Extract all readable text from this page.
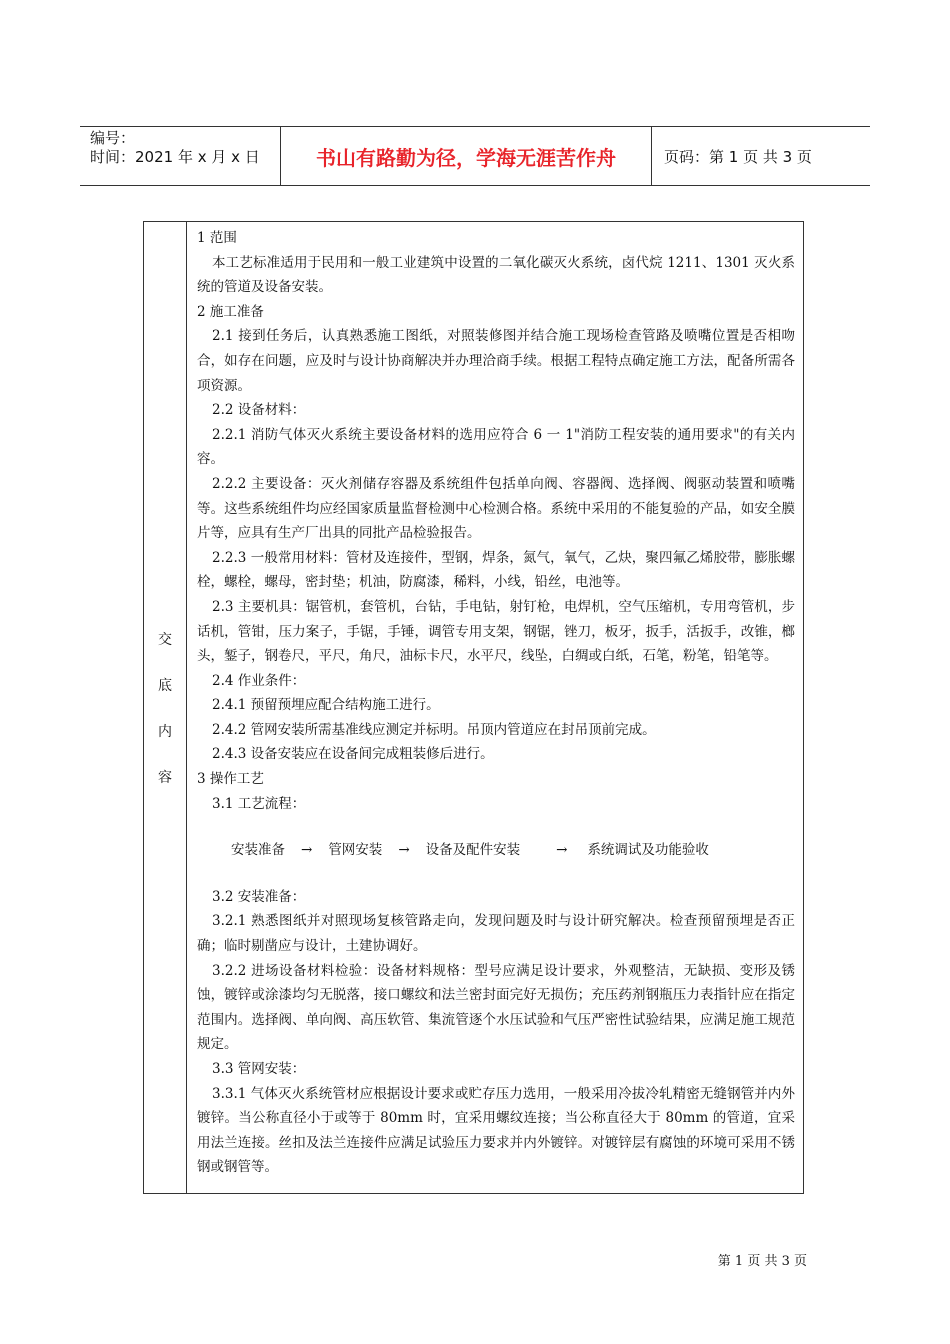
编号：
时间：2021 年 x 月 x 日	书山有路勤为径，学海无涯苦作舟	页码：第 1 页 共 3 页
交
底
内
容

1 范围

本工艺标准适用于民用和一般工业建筑中设置的二氧化碳灭火系统，卤代烷 1211、1301 灭火系统的管道及设备安装。

2 施工准备

2.1 接到任务后，认真熟悉施工图纸，对照装修图并结合施工现场检查管路及喷嘴位置是否相吻合，如存在问题，应及时与设计协商解决并办理洽商手续。根据工程特点确定施工方法，配备所需各项资源。

2.2 设备材料：

2.2.1 消防气体灭火系统主要设备材料的选用应符合 6 一 1"消防工程安装的通用要求"的有关内容。

2.2.2 主要设备：灭火剂储存容器及系统组件包括单向阀、容器阀、选择阀、阀驱动装置和喷嘴等。这些系统组件均应经国家质量监督检测中心检测合格。系统中采用的不能复验的产品，如安全膜片等，应具有生产厂出具的同批产品检验报告。

2.2.3 一般常用材料：管材及连接件，型钢，焊条，氮气，氧气，乙炔，聚四氟乙烯胶带，膨胀螺栓，螺栓，螺母，密封垫；机油，防腐漆，稀料，小线，铅丝，电池等。

2.3 主要机具：锯管机，套管机，台钻，手电钻，射钉枪，电焊机，空气压缩机，专用弯管机，步话机，管钳，压力案子，手锯，手锤，调管专用支架，钢锯，锉刀，板牙，扳手，活扳手，改锥，榔头，錾子，钢卷尺，平尺，角尺，油标卡尺，水平尺，线坠，白绸或白纸，石笔，粉笔，铅笔等。

2.4 作业条件：

2.4.1 预留预埋应配合结构施工进行。

2.4.2 管网安装所需基准线应测定并标明。吊顶内管道应在封吊顶前完成。

2.4.3 设备安装应在设备间完成粗装修后进行。

3 操作工艺

3.1 工艺流程：

安装准备 → 管网安装 → 设备及配件安装	→ 系统调试及功能验收

3.2 安装准备：

3.2.1 熟悉图纸并对照现场复核管路走向，发现问题及时与设计研究解决。检查预留预埋是否正确；临时剔凿应与设计，土建协调好。

3.2.2 进场设备材料检验：设备材料规格：型号应满足设计要求，外观整洁，无缺损、变形及锈蚀，镀锌或涂漆均匀无脱落，接口螺纹和法兰密封面完好无损伤；充压药剂钢瓶压力表指针应在指定范围内。选择阀、单向阀、高压软管、集流管逐个水压试验和气压严密性试验结果，应满足施工规范规定。

3.3 管网安装：

3.3.1 气体灭火系统管材应根据设计要求或贮存压力选用，一般采用冷拔冷轧精密无缝钢管并内外镀锌。当公称直径小于或等于 80mm 时，宜采用螺纹连接；当公称直径大于 80mm 的管道，宜采用法兰连接。丝扣及法兰连接件应满足试验压力要求并内外镀锌。对镀锌层有腐蚀的环境可采用不锈钢或钢管等。

第 1 页 共 3 页
